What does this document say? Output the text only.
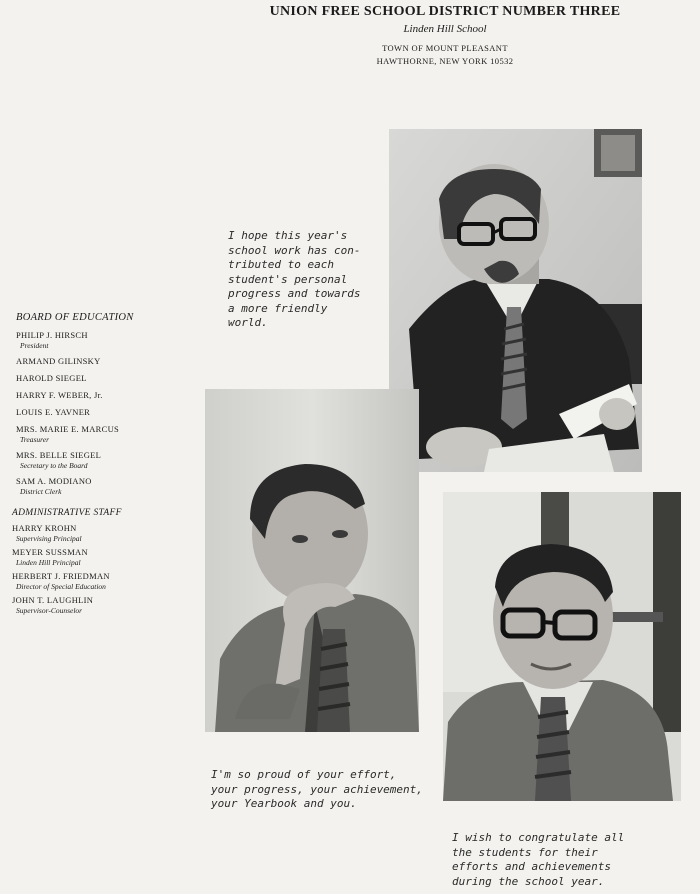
UNION FREE SCHOOL DISTRICT NUMBER THREE
Linden Hill School
TOWN OF MOUNT PLEASANT
HAWTHORNE, NEW YORK 10532
I hope this year's
school work has con-
tributed to each
student's personal
progress and towards
a more friendly
world.
BOARD OF EDUCATION
PHILIP J. HIRSCH
President
ARMAND GILINSKY
HAROLD SIEGEL
HARRY F. WEBER, Jr.
LOUIS E. YAVNER
MRS. MARIE E. MARCUS
Treasurer
MRS. BELLE SIEGEL
Secretary to the Board
SAM A. MODIANO
District Clerk
ADMINISTRATIVE STAFF
HARRY KROHN
Supervising Principal
MEYER SUSSMAN
Linden Hill Principal
HERBERT J. FRIEDMAN
Director of Special Education
JOHN T. LAUGHLIN
Supervisor-Counselor
I'm so proud of your effort,
your progress, your achievement,
your Yearbook and you.
I wish to congratulate all
the students for their
efforts and achievements
during the school year.
